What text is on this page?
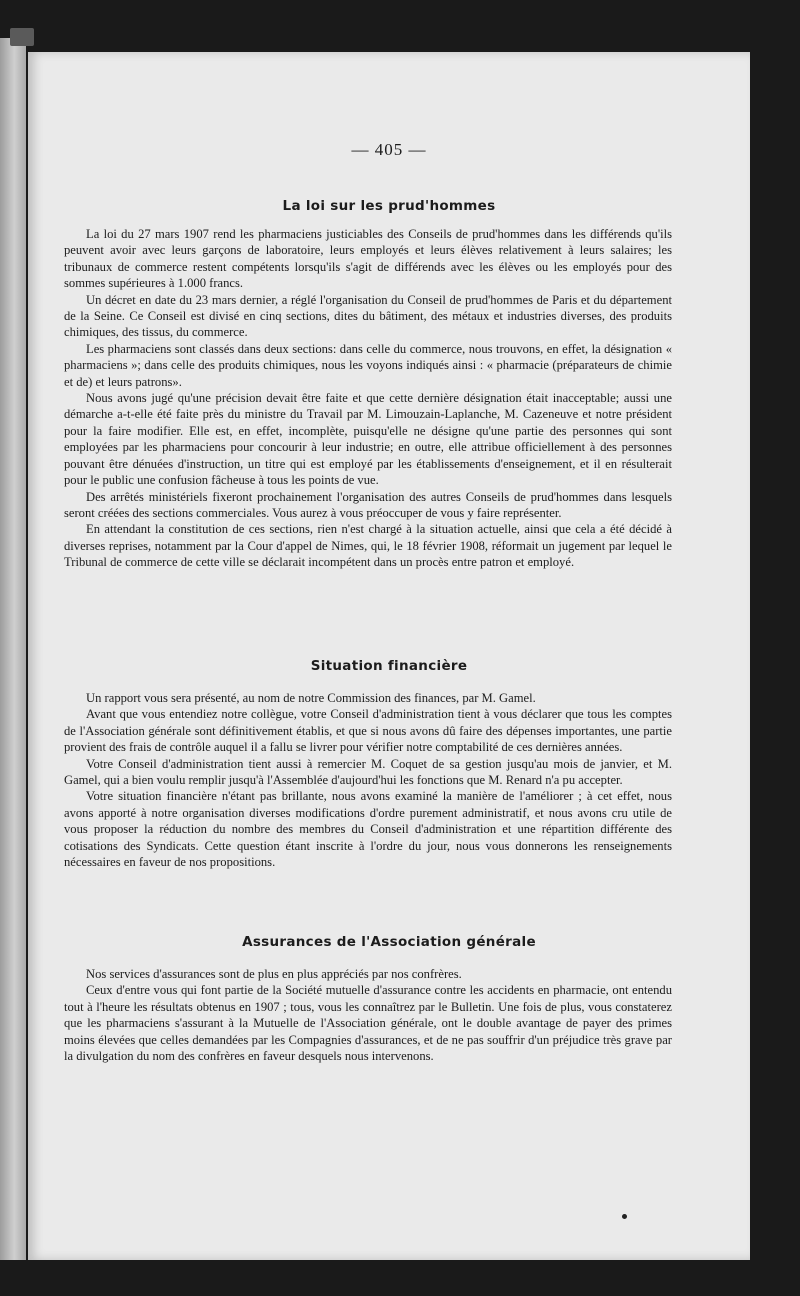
— 405 —
La loi sur les prud'hommes

La loi du 27 mars 1907 rend les pharmaciens justiciables des Conseils de prud'hommes dans les différends qu'ils peuvent avoir avec leurs garçons de laboratoire, leurs employés et leurs élèves relativement à leurs salaires; les tribunaux de commerce restent compétents lorsqu'ils s'agit de différends avec les élèves ou les employés pour des sommes supérieures à 1.000 francs.

Un décret en date du 23 mars dernier, a réglé l'organisation du Conseil de prud'hommes de Paris et du département de la Seine. Ce Conseil est divisé en cinq sections, dites du bâtiment, des métaux et industries diverses, des produits chimiques, des tissus, du commerce.

Les pharmaciens sont classés dans deux sections: dans celle du commerce, nous trouvons, en effet, la désignation « pharmaciens »; dans celle des produits chimiques, nous les voyons indiqués ainsi : « pharmacie (préparateurs de chimie et de) et leurs patrons».

Nous avons jugé qu'une précision devait être faite et que cette dernière désignation était inacceptable; aussi une démarche a-t-elle été faite près du ministre du Travail par M. Limouzain-Laplanche, M. Cazeneuve et notre président pour la faire modifier. Elle est, en effet, incomplète, puisqu'elle ne désigne qu'une partie des personnes qui sont employées par les pharmaciens pour concourir à leur industrie; en outre, elle attribue officiellement à des personnes pouvant être dénuées d'instruction, un titre qui est employé par les établissements d'enseignement, et il en résulterait pour le public une confusion fâcheuse à tous les points de vue.

Des arrêtés ministériels fixeront prochainement l'organisation des autres Conseils de prud'hommes dans lesquels seront créées des sections commerciales. Vous aurez à vous préoccuper de vous y faire représenter.

En attendant la constitution de ces sections, rien n'est chargé à la situation actuelle, ainsi que cela a été décidé à diverses reprises, notamment par la Cour d'appel de Nimes, qui, le 18 février 1908, réformait un jugement par lequel le Tribunal de commerce de cette ville se déclarait incompétent dans un procès entre patron et employé.

Situation financière

Un rapport vous sera présenté, au nom de notre Commission des finances, par M. Gamel.

Avant que vous entendiez notre collègue, votre Conseil d'administration tient à vous déclarer que tous les comptes de l'Association générale sont définitivement établis, et que si nous avons dû faire des dépenses importantes, une partie provient des frais de contrôle auquel il a fallu se livrer pour vérifier notre comptabilité de ces dernières années.

Votre Conseil d'administration tient aussi à remercier M. Coquet de sa gestion jusqu'au mois de janvier, et M. Gamel, qui a bien voulu remplir jusqu'à l'Assemblée d'aujourd'hui les fonctions que M. Renard n'a pu accepter.

Votre situation financière n'étant pas brillante, nous avons examiné la manière de l'améliorer ; à cet effet, nous avons apporté à notre organisation diverses modifications d'ordre purement administratif, et nous avons cru utile de vous proposer la réduction du nombre des membres du Conseil d'administration et une répartition différente des cotisations des Syndicats. Cette question étant inscrite à l'ordre du jour, nous vous donnerons les renseignements nécessaires en faveur de nos propositions.

Assurances de l'Association générale

Nos services d'assurances sont de plus en plus appréciés par nos confrères.

Ceux d'entre vous qui font partie de la Société mutuelle d'assurance contre les accidents en pharmacie, ont entendu tout à l'heure les résultats obtenus en 1907 ; tous, vous les connaîtrez par le Bulletin. Une fois de plus, vous constaterez que les pharmaciens s'assurant à la Mutuelle de l'Association générale, ont le double avantage de payer des primes moins élevées que celles demandées par les Compagnies d'assurances, et de ne pas souffrir d'un préjudice très grave par la divulgation du nom des confrères en faveur desquels nous intervenons.
